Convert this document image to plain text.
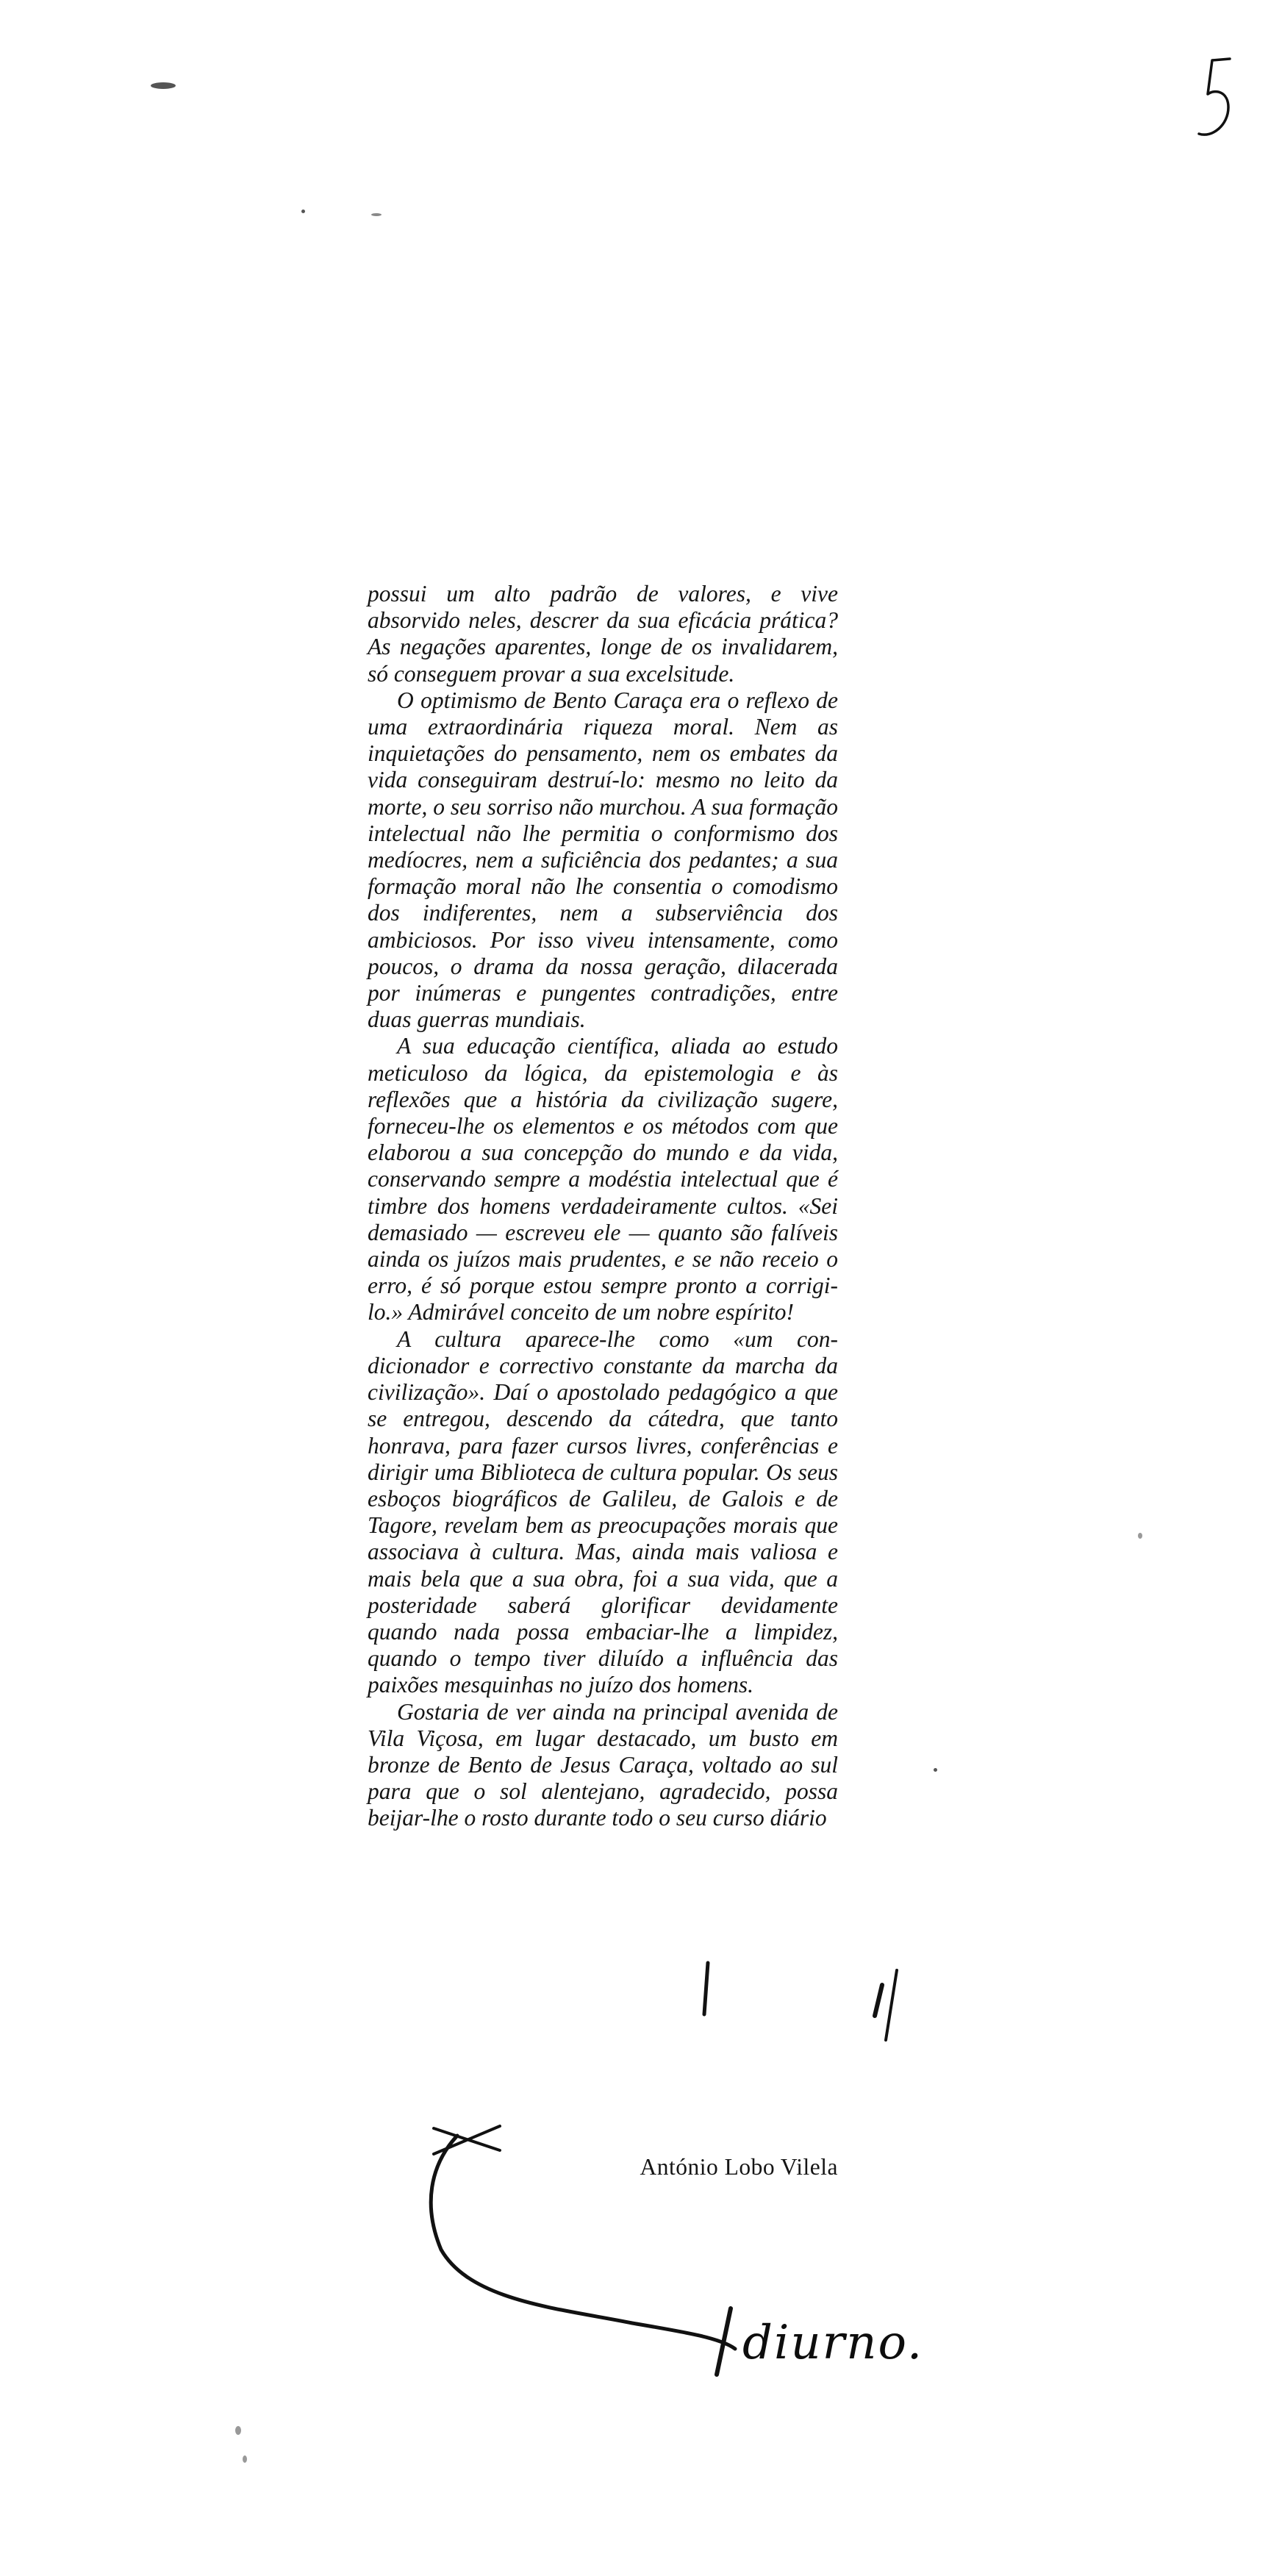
possui um alto padrão de valores, e vive absorvido neles, descrer da sua eficácia prática? As negações aparentes, longe de os invalidarem, só conseguem provar a sua excelsitude.

O optimismo de Bento Caraça era o reflexo de uma extraordinária riqueza moral. Nem as inquietações do pensamento, nem os embates da vida conseguiram destruí-lo: mesmo no leito da morte, o seu sorriso não murchou. A sua formação intelectual não lhe permitia o conformismo dos medíocres, nem a suficiência dos pedantes; a sua formação moral não lhe consentia o comodismo dos indiferentes, nem a subserviência dos ambiciosos. Por isso viveu intensamente, como poucos, o drama da nossa geração, dilacerada por inúmeras e pungentes contradições, entre duas guerras mundiais.

A sua educação científica, aliada ao estudo meticuloso da lógica, da epistemologia e às reflexões que a história da civilização sugere, forneceu-lhe os elementos e os métodos com que elaborou a sua concepção do mundo e da vida, conservando sempre a modéstia intelectual que é timbre dos homens verdadeiramente cultos. «Sei demasiado — escreveu ele — quanto são falíveis ainda os juízos mais prudentes, e se não receio o erro, é só porque estou sempre pronto a corrigi-lo.» Admirável conceito de um nobre espírito!

A cultura aparece-lhe como «um condicionador e correctivo constante da marcha da civilização». Daí o apostolado pedagógico a que se entregou, descendo da cátedra, que tanto honrava, para fazer cursos livres, conferências e dirigir uma Biblioteca de cultura popular. Os seus esboços biográficos de Galileu, de Galois e de Tagore, revelam bem as preocupações morais que associava à cultura. Mas, ainda mais valiosa e mais bela que a sua obra, foi a sua vida, que a posteridade saberá glorificar devidamente quando nada possa embaciar-lhe a limpidez, quando o tempo tiver diluído a influência das paixões mesquinhas no juízo dos homens.

Gostaria de ver ainda na principal avenida de Vila Viçosa, em lugar destacado, um busto em bronze de Bento de Jesus Caraça, voltado ao sul para que o sol alentejano, agradecido, possa beijar-lhe o rosto durante todo o seu curso diário

António Lobo Vilela
diurno.
